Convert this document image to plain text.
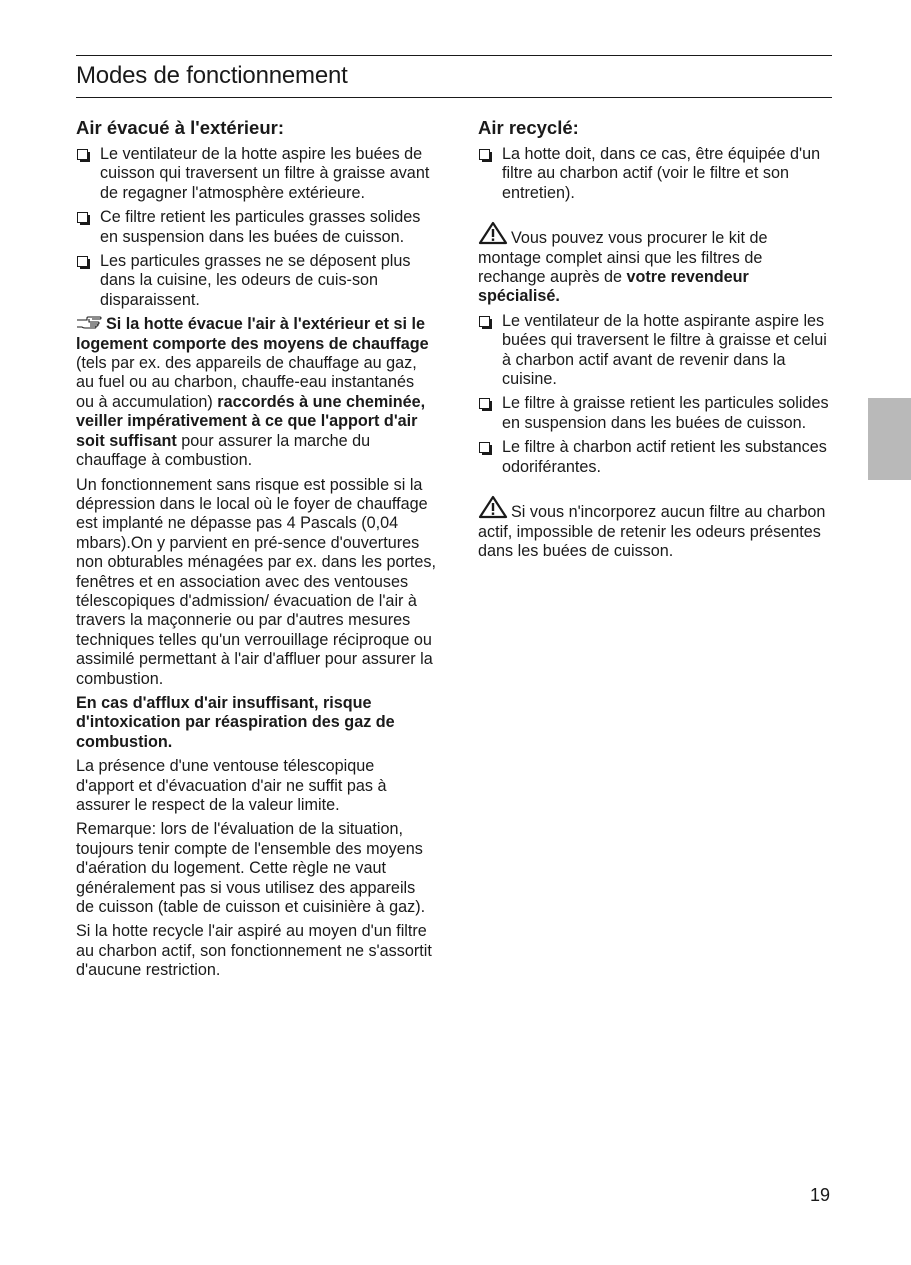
Modes de fonctionnement
Air évacué à l'extérieur:
Le ventilateur de la hotte aspire les buées de cuisson qui traversent un filtre à graisse avant de regagner l'atmosphère extérieure.
Ce filtre retient les particules grasses solides en suspension dans les buées de cuisson.
Les particules grasses ne se déposent plus dans la cuisine, les odeurs de cuis-son disparaissent.

Si la hotte évacue l'air à l'extérieur et si le logement comporte des moyens de chauffage (tels par ex. des appareils de chauffage au gaz, au fuel ou au charbon, chauffe-eau instantanés ou à accumulation) raccordés à une cheminée, veiller impérativement à ce que l'apport d'air soit suffisant pour assurer la marche du chauffage à combustion.

Un fonctionnement sans risque est possible si la dépression dans le local où le foyer de chauffage est implanté ne dépasse pas 4 Pascals (0,04 mbars).On y parvient en pré-sence d'ouvertures non obturables ménagées par ex. dans les portes, fenêtres et en association avec des ventouses télescopiques d'admission/ évacuation de l'air à travers la maçonnerie ou par d'autres mesures techniques telles qu'un verrouillage réciproque ou assimilé permettant à l'air d'affluer pour assurer la combustion.

En cas d'afflux d'air insuffisant, risque d'intoxication par réaspiration des gaz de combustion.

La présence d'une ventouse télescopique d'apport et d'évacuation d'air ne suffit pas à assurer le respect de la valeur limite.

Remarque: lors de l'évaluation de la situation, toujours tenir compte de l'ensemble des moyens d'aération du logement. Cette règle ne vaut généralement pas si vous utilisez des appareils de cuisson (table de cuisson et cuisinière à gaz).

Si la hotte recycle l'air aspiré au moyen d'un filtre au charbon actif, son fonctionnement ne s'assortit d'aucune restriction.

Air recyclé:
La hotte doit, dans ce cas, être équipée d'un filtre au charbon actif (voir le filtre et son entretien).

Vous pouvez vous procurer le kit de montage complet ainsi que les filtres de rechange auprès de votre revendeur spécialisé.

Le ventilateur de la hotte aspirante aspire les buées qui traversent le filtre à graisse et celui à charbon actif avant de revenir dans la cuisine.
Le filtre à graisse retient les particules solides en suspension dans les buées de cuisson.
Le filtre à charbon actif retient les substances odoriférantes.

Si vous n'incorporez aucun filtre au charbon actif, impossible de retenir les odeurs présentes dans les buées de cuisson.

19
